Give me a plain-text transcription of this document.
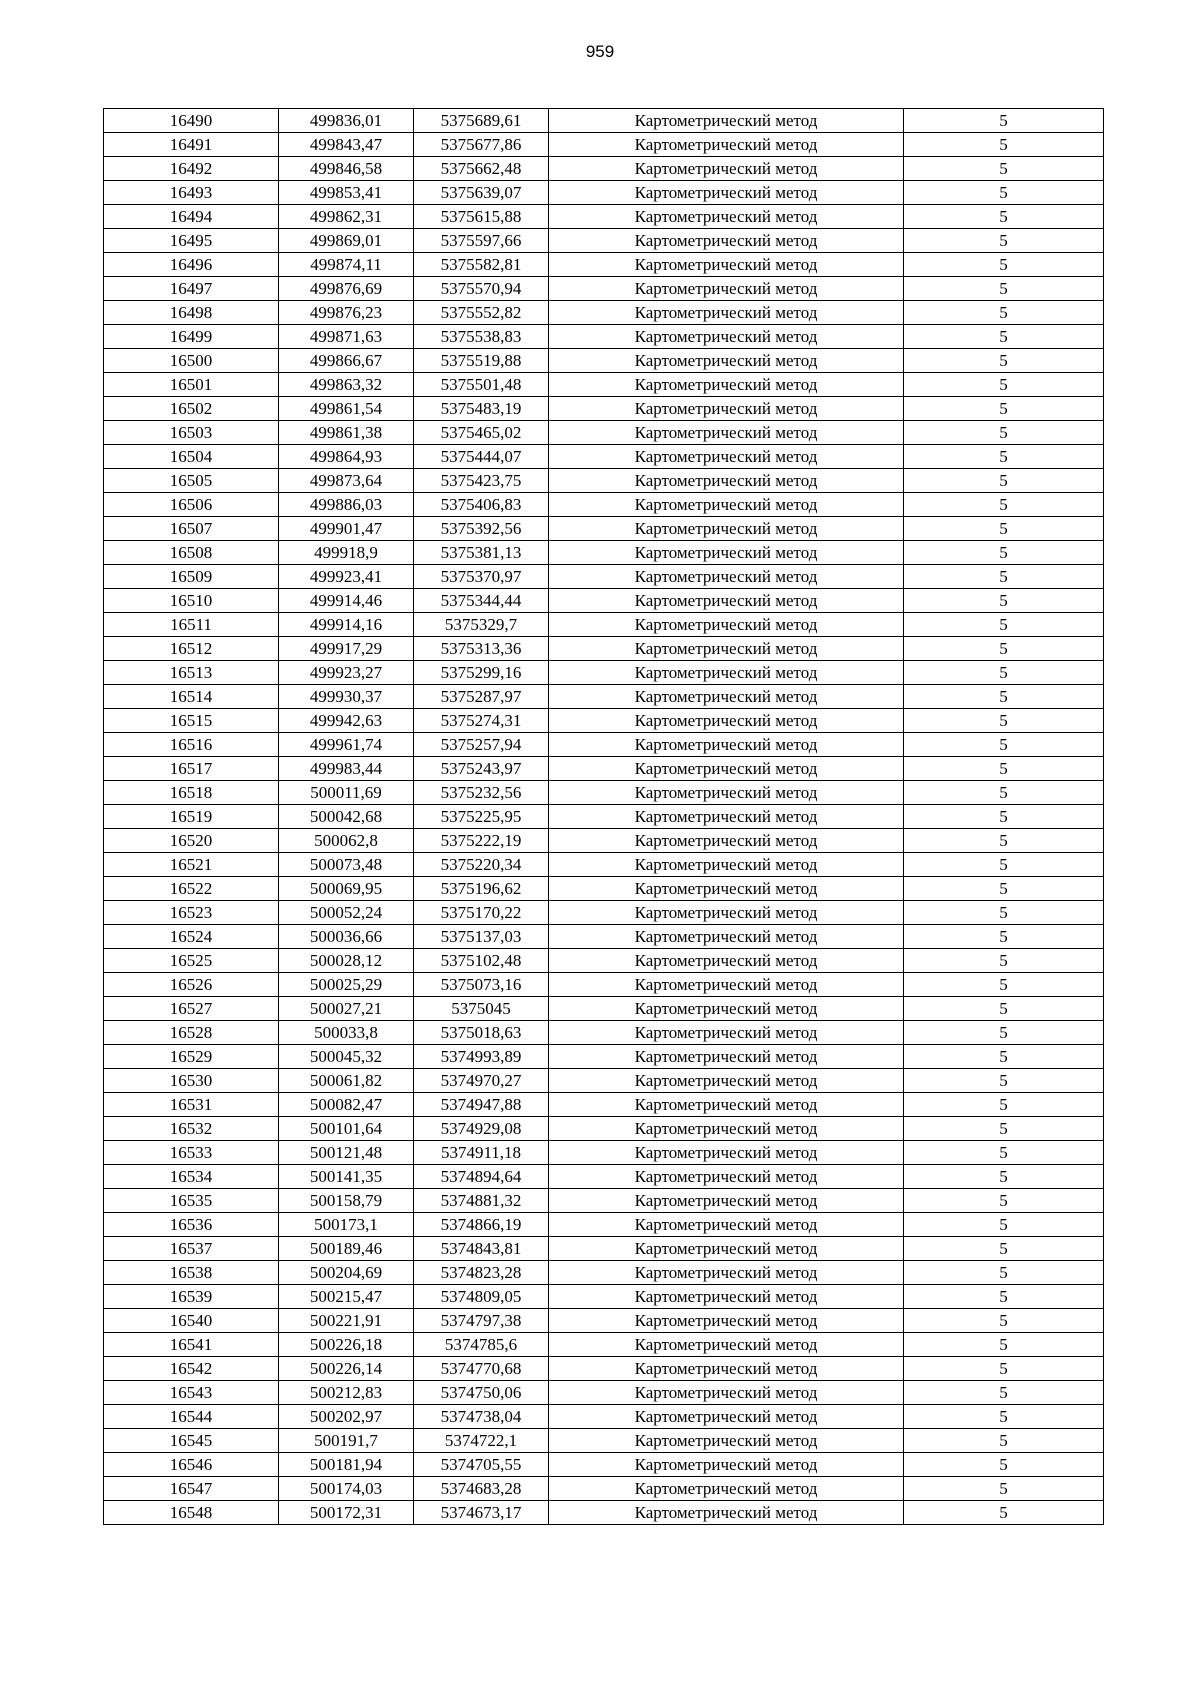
959
16490	499836,01	5375689,61	Картометрический метод	5
16491	499843,47	5375677,86	Картометрический метод	5
16492	499846,58	5375662,48	Картометрический метод	5
16493	499853,41	5375639,07	Картометрический метод	5
16494	499862,31	5375615,88	Картометрический метод	5
16495	499869,01	5375597,66	Картометрический метод	5
16496	499874,11	5375582,81	Картометрический метод	5
16497	499876,69	5375570,94	Картометрический метод	5
16498	499876,23	5375552,82	Картометрический метод	5
16499	499871,63	5375538,83	Картометрический метод	5
16500	499866,67	5375519,88	Картометрический метод	5
16501	499863,32	5375501,48	Картометрический метод	5
16502	499861,54	5375483,19	Картометрический метод	5
16503	499861,38	5375465,02	Картометрический метод	5
16504	499864,93	5375444,07	Картометрический метод	5
16505	499873,64	5375423,75	Картометрический метод	5
16506	499886,03	5375406,83	Картометрический метод	5
16507	499901,47	5375392,56	Картометрический метод	5
16508	499918,9	5375381,13	Картометрический метод	5
16509	499923,41	5375370,97	Картометрический метод	5
16510	499914,46	5375344,44	Картометрический метод	5
16511	499914,16	5375329,7	Картометрический метод	5
16512	499917,29	5375313,36	Картометрический метод	5
16513	499923,27	5375299,16	Картометрический метод	5
16514	499930,37	5375287,97	Картометрический метод	5
16515	499942,63	5375274,31	Картометрический метод	5
16516	499961,74	5375257,94	Картометрический метод	5
16517	499983,44	5375243,97	Картометрический метод	5
16518	500011,69	5375232,56	Картометрический метод	5
16519	500042,68	5375225,95	Картометрический метод	5
16520	500062,8	5375222,19	Картометрический метод	5
16521	500073,48	5375220,34	Картометрический метод	5
16522	500069,95	5375196,62	Картометрический метод	5
16523	500052,24	5375170,22	Картометрический метод	5
16524	500036,66	5375137,03	Картометрический метод	5
16525	500028,12	5375102,48	Картометрический метод	5
16526	500025,29	5375073,16	Картометрический метод	5
16527	500027,21	5375045	Картометрический метод	5
16528	500033,8	5375018,63	Картометрический метод	5
16529	500045,32	5374993,89	Картометрический метод	5
16530	500061,82	5374970,27	Картометрический метод	5
16531	500082,47	5374947,88	Картометрический метод	5
16532	500101,64	5374929,08	Картометрический метод	5
16533	500121,48	5374911,18	Картометрический метод	5
16534	500141,35	5374894,64	Картометрический метод	5
16535	500158,79	5374881,32	Картометрический метод	5
16536	500173,1	5374866,19	Картометрический метод	5
16537	500189,46	5374843,81	Картометрический метод	5
16538	500204,69	5374823,28	Картометрический метод	5
16539	500215,47	5374809,05	Картометрический метод	5
16540	500221,91	5374797,38	Картометрический метод	5
16541	500226,18	5374785,6	Картометрический метод	5
16542	500226,14	5374770,68	Картометрический метод	5
16543	500212,83	5374750,06	Картометрический метод	5
16544	500202,97	5374738,04	Картометрический метод	5
16545	500191,7	5374722,1	Картометрический метод	5
16546	500181,94	5374705,55	Картометрический метод	5
16547	500174,03	5374683,28	Картометрический метод	5
16548	500172,31	5374673,17	Картометрический метод	5
